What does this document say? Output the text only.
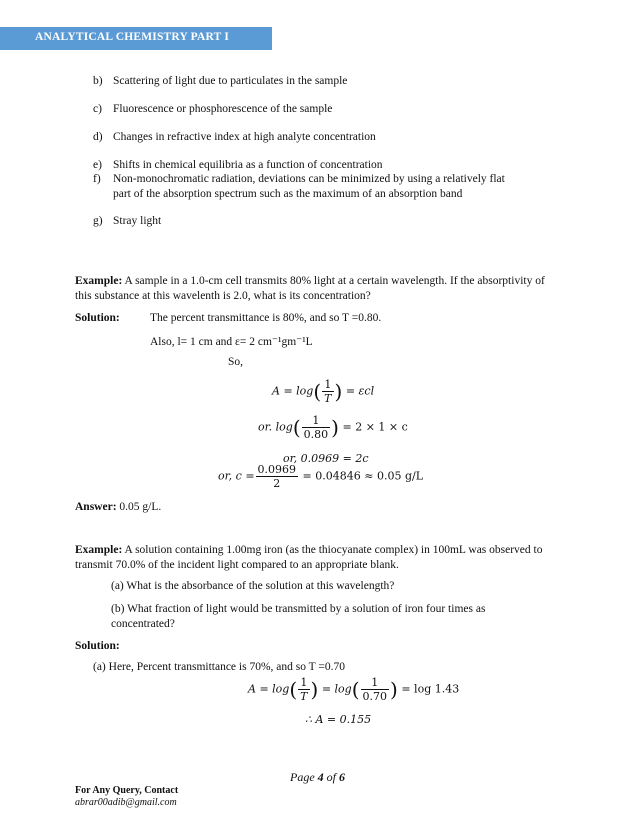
ANALYTICAL CHEMISTRY PART I
b) Scattering of light due to particulates in the sample
c) Fluorescence or phosphorescence of the sample
d) Changes in refractive index at high analyte concentration
e) Shifts in chemical equilibria as a function of concentration
f) Non-monochromatic radiation, deviations can be minimized by using a relatively flat
part of the absorption spectrum such as the maximum of an absorption band
g) Stray light
Example: A sample in a 1.0-cm cell transmits 80% light at a certain wavelength. If the absorptivity of this substance at this wavelenth is 2.0, what is its concentration?
Solution:	The percent transmittance is 80%, and so T =0.80.
Also, l= 1 cm and ε= 2 cm⁻¹gm⁻¹L
So,
$A = \log( \frac{1}{T}$ ) = εcl
or. $\log( \frac{1}{0.80}$ ) = 2 × 1 × c
or, 0.0969 = 2c
or, $c = \frac{0.0969}{2} = 0.04846 \approx 0.05$ g/L
Answer: 0.05 g/L.
Example: A solution containing 1.00mg iron (as the thiocyanate complex) in 100mL was observed to transmit 70.0% of the incident light compared to an appropriate blank.
(a) What is the absorbance of the solution at this wavelength?
(b) What fraction of light would be transmitted by a solution of iron four times as
concentrated?
Solution:
(a) Here, Percent transmittance is 70%, and so T =0.70
$A = \log( \frac{1}{T}$ ) = $\log( \frac{1}{0.70}$ ) = log 1.43
∴ A = 0.155
Page 4 of 6
For Any Query, Contact
abrar00adib@gmail.com
